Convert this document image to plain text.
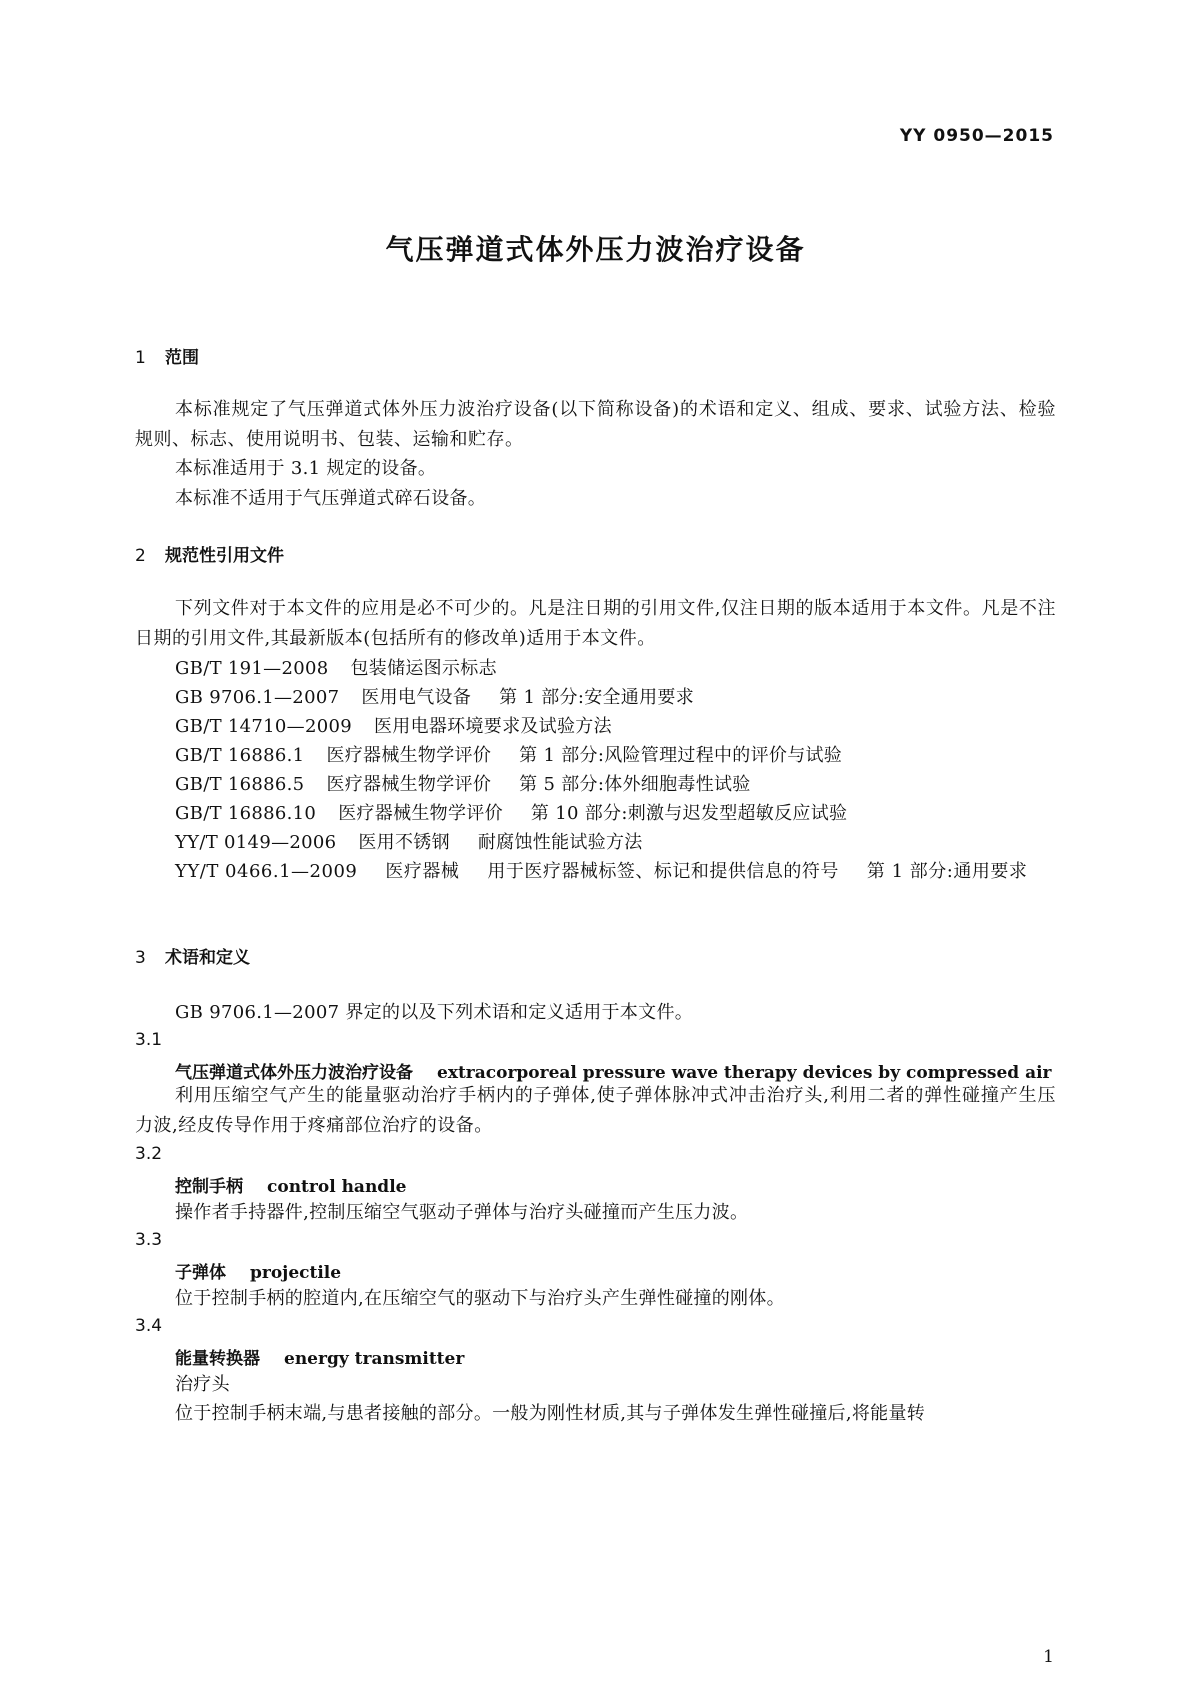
YY 0950—2015
气压弹道式体外压力波治疗设备
1 范围
本标准规定了气压弹道式体外压力波治疗设备(以下简称设备)的术语和定义、组成、要求、试验方法、检验规则、标志、使用说明书、包装、运输和贮存。
本标准适用于 3.1 规定的设备。
本标准不适用于气压弹道式碎石设备。
2 规范性引用文件
下列文件对于本文件的应用是必不可少的。凡是注日期的引用文件,仅注日期的版本适用于本文件。凡是不注日期的引用文件,其最新版本(包括所有的修改单)适用于本文件。
GB/T 191—2008 包装储运图示标志
GB 9706.1—2007 医用电气设备 第 1 部分:安全通用要求
GB/T 14710—2009 医用电器环境要求及试验方法
GB/T 16886.1 医疗器械生物学评价 第 1 部分:风险管理过程中的评价与试验
GB/T 16886.5 医疗器械生物学评价 第 5 部分:体外细胞毒性试验
GB/T 16886.10 医疗器械生物学评价 第 10 部分:刺激与迟发型超敏反应试验
YY/T 0149—2006 医用不锈钢 耐腐蚀性能试验方法
YY/T 0466.1—2009 医疗器械 用于医疗器械标签、标记和提供信息的符号 第 1 部分:通用要求
3 术语和定义
GB 9706.1—2007 界定的以及下列术语和定义适用于本文件。
3.1
气压弹道式体外压力波治疗设备 extracorporeal pressure wave therapy devices by compressed air
利用压缩空气产生的能量驱动治疗手柄内的子弹体,使子弹体脉冲式冲击治疗头,利用二者的弹性碰撞产生压力波,经皮传导作用于疼痛部位治疗的设备。
3.2
控制手柄 control handle
操作者手持器件,控制压缩空气驱动子弹体与治疗头碰撞而产生压力波。
3.3
子弹体 projectile
位于控制手柄的腔道内,在压缩空气的驱动下与治疗头产生弹性碰撞的刚体。
3.4
能量转换器 energy transmitter
治疗头
位于控制手柄末端,与患者接触的部分。一般为刚性材质,其与子弹体发生弹性碰撞后,将能量转
1
